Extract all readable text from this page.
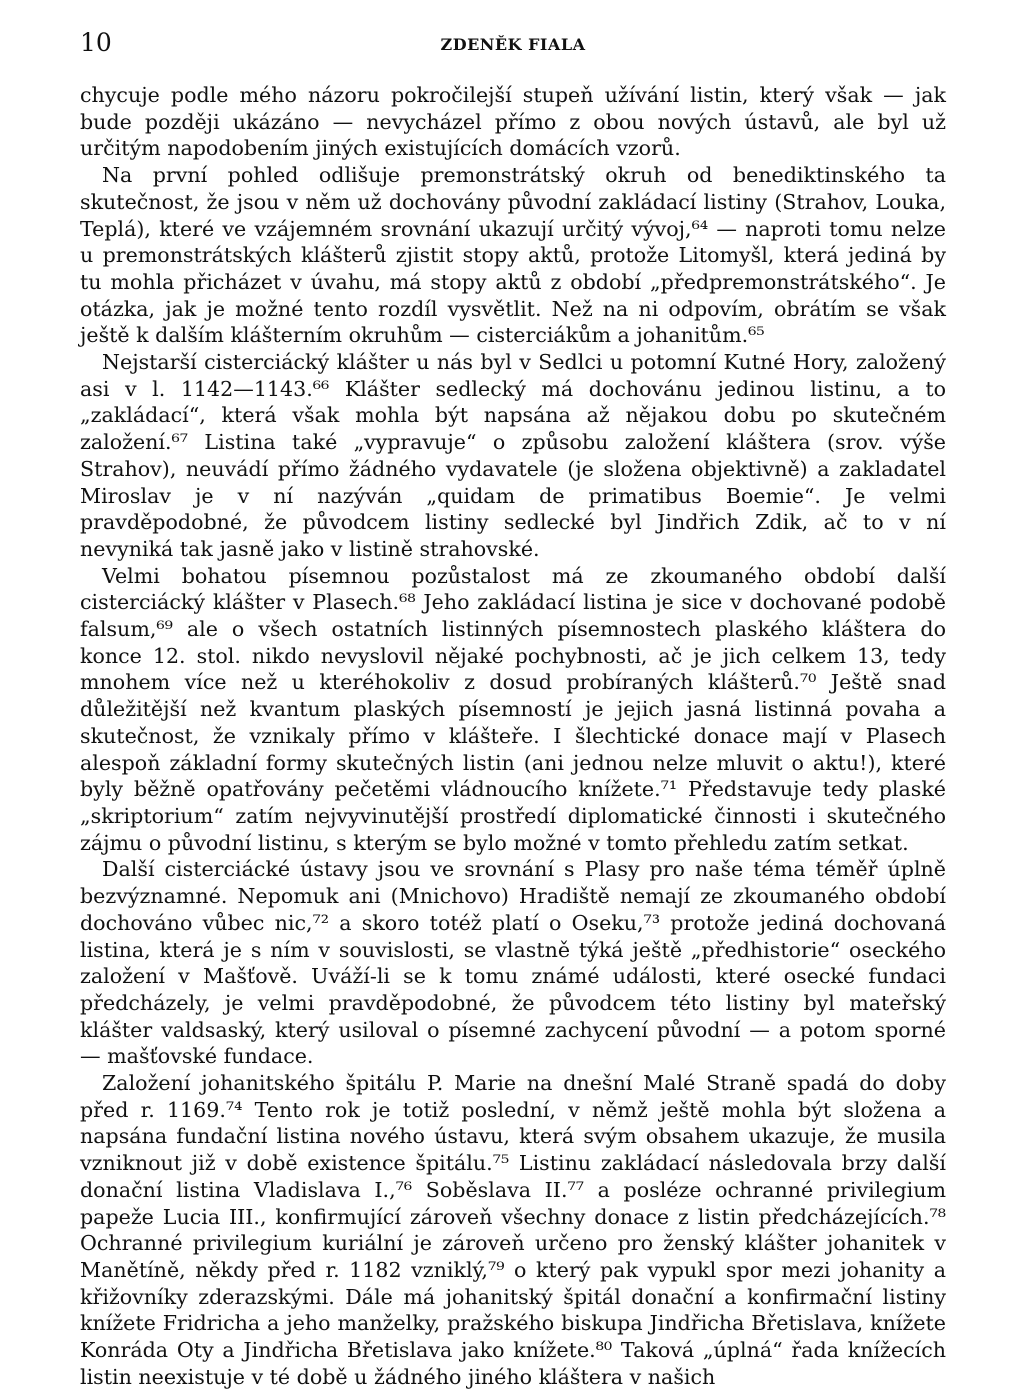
10	ZDENĚK FIALA

chycuje podle mého názoru pokročilejší stupeň užívání listin, který však — jak bude později ukázáno — nevycházel přímo z obou nových ústavů, ale byl už určitým napodobením jiných existujících domácích vzorů.

Na první pohled odlišuje premonstrátský okruh od benediktinského ta skutečnost, že jsou v něm už dochovány původní zakládací listiny (Strahov, Louka, Teplá), které ve vzájemném srovnání ukazují určitý vývoj,⁶⁴ — naproti tomu nelze u premonstrátských klášterů zjistit stopy aktů, protože Litomyšl, která jediná by tu mohla přicházet v úvahu, má stopy aktů z období „předpremonstrátského“. Je otázka, jak je možné tento rozdíl vysvětlit. Než na ni odpovím, obrátím se však ještě k dalším klášterním okruhům — cisterciákům a johanitům.⁶⁵

Nejstarší cisterciácký klášter u nás byl v Sedlci u potomní Kutné Hory, založený asi v l. 1142—1143.⁶⁶ Klášter sedlecký má dochovánu jedinou listinu, a to „zakládací“, která však mohla být napsána až nějakou dobu po skutečném založení.⁶⁷ Listina také „vypravuje“ o způsobu založení kláštera (srov. výše Strahov), neuvádí přímo žádného vydavatele (je složena objektivně) a zakladatel Miroslav je v ní nazýván „quidam de primatibus Boemie“. Je velmi pravděpodobné, že původcem listiny sedlecké byl Jindřich Zdik, ač to v ní nevyniká tak jasně jako v listině strahovské.

Velmi bohatou písemnou pozůstalost má ze zkoumaného období další cisterciácký klášter v Plasech.⁶⁸ Jeho zakládací listina je sice v dochované podobě falsum,⁶⁹ ale o všech ostatních listinných písemnostech plaského kláštera do konce 12. stol. nikdo nevyslovil nějaké pochybnosti, ač je jich celkem 13, tedy mnohem více než u kteréhokoliv z dosud probíraných klášterů.⁷⁰ Ještě snad důležitější než kvantum plaských písemností je jejich jasná listinná povaha a skutečnost, že vznikaly přímo v klášteře. I šlechtické donace mají v Plasech alespoň základní formy skutečných listin (ani jednou nelze mluvit o aktu!), které byly běžně opatřovány pečetěmi vládnoucího knížete.⁷¹ Představuje tedy plaské „skriptorium“ zatím nejvyvinutější prostředí diplomatické činnosti i skutečného zájmu o původní listinu, s kterým se bylo možné v tomto přehledu zatím setkat.

Další cisterciácké ústavy jsou ve srovnání s Plasy pro naše téma téměř úplně bezvýznamné. Nepomuk ani (Mnichovo) Hradiště nemají ze zkoumaného období dochováno vůbec nic,⁷² a skoro totéž platí o Oseku,⁷³ protože jediná dochovaná listina, která je s ním v souvislosti, se vlastně týká ještě „předhistorie“ oseckého založení v Mašťově. Uváží-li se k tomu známé události, které osecké fundaci předcházely, je velmi pravděpodobné, že původcem této listiny byl mateřský klášter valdsaský, který usiloval o písemné zachycení původní — a potom sporné — mašťovské fundace.

Založení johanitského špitálu P. Marie na dnešní Malé Straně spadá do doby před r. 1169.⁷⁴ Tento rok je totiž poslední, v němž ještě mohla být složena a napsána fundační listina nového ústavu, která svým obsahem ukazuje, že musila vzniknout již v době existence špitálu.⁷⁵ Listinu zakládací následovala brzy další donační listina Vladislava I.,⁷⁶ Soběslava II.⁷⁷ a posléze ochranné privilegium papeže Lucia III., konfirmující zároveň všechny donace z listin předcházejících.⁷⁸ Ochranné privilegium kuriální je zároveň určeno pro ženský klášter johanitek v Manětíně, někdy před r. 1182 vzniklý,⁷⁹ o který pak vypukl spor mezi johanity a křižovníky zderazskými. Dále má johanitský špitál donační a konfirmační listiny knížete Fridricha a jeho manželky, pražského biskupa Jindřicha Břetislava, knížete Konráda Oty a Jindřicha Břetislava jako knížete.⁸⁰ Taková „úplná“ řada knížecích listin neexistuje v té době u žádného jiného kláštera v našich
